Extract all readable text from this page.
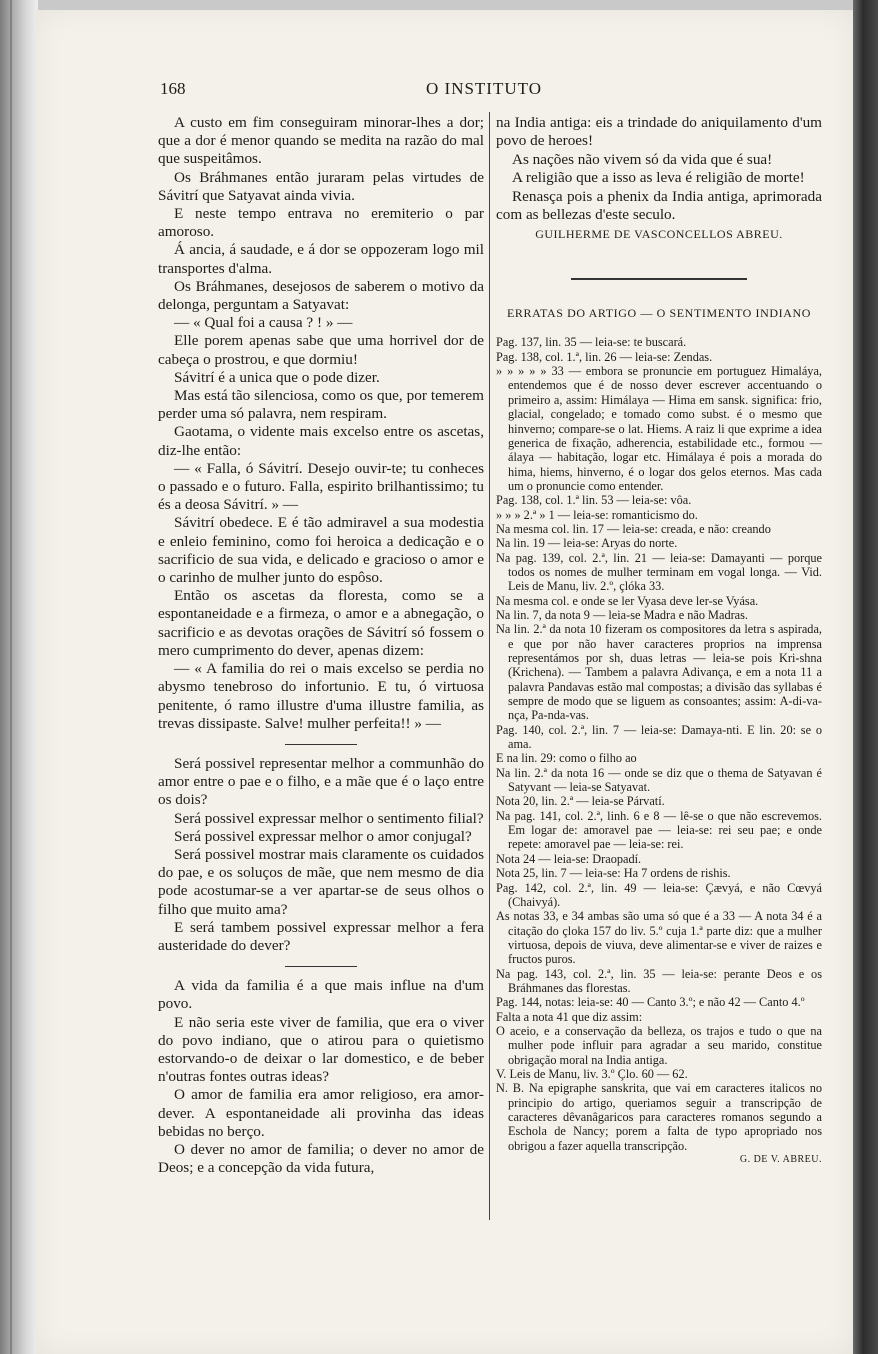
168	O INSTITUTO

A custo em fim conseguiram minorar-lhes a dor; que a dor é menor quando se medita na razão do mal que suspeitâmos.

Os Bráhmanes então juraram pelas virtudes de Sávitrí que Satyavat ainda vivia.

E neste tempo entrava no eremiterio o par amoroso.

Á ancia, á saudade, e á dor se oppozeram logo mil transportes d'alma.

Os Bráhmanes, desejosos de saberem o motivo da delonga, perguntam a Satyavat:

— « Qual foi a causa ? ! » —

Elle porem apenas sabe que uma horrivel dor de cabeça o prostrou, e que dormiu!

Sávitrí é a unica que o pode dizer.

Mas está tão silenciosa, como os que, por temerem perder uma só palavra, nem respiram.

Gaotama, o vidente mais excelso entre os ascetas, diz-lhe então:

— « Falla, ó Sávitrí. Desejo ouvir-te; tu conheces o passado e o futuro. Falla, espirito brilhantissimo; tu és a deosa Sávitrí. » —

Sávitrí obedece. E é tão admiravel a sua modestia e enleio feminino, como foi heroica a dedicação e o sacrificio de sua vida, e delicado e gracioso o amor e o carinho de mulher junto do espôso.

Então os ascetas da floresta, como se a espontaneidade e a firmeza, o amor e a abnegação, o sacrificio e as devotas orações de Sávitrí só fossem o mero cumprimento do dever, apenas dizem:

— « A familia do rei o mais excelso se perdia no abysmo tenebroso do infortunio. E tu, ó virtuosa penitente, ó ramo illustre d'uma illustre familia, as trevas dissipaste. Salve! mulher perfeita!! » —

Será possivel representar melhor a communhão do amor entre o pae e o filho, e a mãe que é o laço entre os dois?

Será possivel expressar melhor o sentimento filial?

Será possivel expressar melhor o amor conjugal?

Será possivel mostrar mais claramente os cuidados do pae, e os soluços de mãe, que nem mesmo de dia pode acostumar-se a ver apartar-se de seus olhos o filho que muito ama?

E será tambem possivel expressar melhor a fera austeridade do dever?

A vida da familia é a que mais influe na d'um povo.

E não seria este viver de familia, que era o viver do povo indiano, que o atirou para o quietismo estorvando-o de deixar o lar domestico, e de beber n'outras fontes outras ideas?

O amor de familia era amor religioso, era amor-dever. A espontaneidade ali provinha das ideas bebidas no berço.

O dever no amor de familia; o dever no amor de Deos; e a concepção da vida futura,

na India antiga: eis a trindade do aniquilamento d'um povo de heroes!

As nações não vivem só da vida que é sua!

A religião que a isso as leva é religião de morte!

Renasça pois a phenix da India antiga, aprimorada com as bellezas d'este seculo.

GUILHERME DE VASCONCELLOS ABREU.

ERRATAS DO ARTIGO — O SENTIMENTO INDIANO

Pag. 137, lin. 35 — leia-se: te buscará.

Pag. 138, col. 1.ª, lin. 26 — leia-se: Zendas.

» » » » » 33 — embora se pronuncie em portuguez Himaláya, entendemos que é de nosso dever escrever accentuando o primeiro a, assim: Himálaya — Hima em sansk. significa: frio, glacial, congelado; e tomado como subst. é o mesmo que hinverno; compare-se o lat. Hiems. A raiz li que exprime a idea generica de fixação, adherencia, estabilidade etc., formou — álaya — habitação, logar etc. Himálaya é pois a morada do hima, hiems, hinverno, é o logar dos gelos eternos. Mas cada um o pronuncie como entender.

Pag. 138, col. 1.ª lin. 53 — leia-se: vôa.

» » » 2.ª » 1 — leia-se: romanticismo do.

Na mesma col. lin. 17 — leia-se: creada, e não: creando

Na lin. 19 — leia-se: Aryas do norte.

Na pag. 139, col. 2.ª, lin. 21 — leia-se: Damayanti — porque todos os nomes de mulher terminam em vogal longa. — Vid. Leis de Manu, liv. 2.º, çlóka 33.

Na mesma col. e onde se ler Vyasa deve ler-se Vyása.

Na lin. 7, da nota 9 — leia-se Madra e não Madras.

Na lin. 2.ª da nota 10 fizeram os compositores da letra s aspirada, e que por não haver caracteres proprios na imprensa representámos por sh, duas letras — leia-se pois Kri-shna (Krichena). — Tambem a palavra Adivança, e em a nota 11 a palavra Pandavas estão mal compostas; a divisão das syllabas é sempre de modo que se liguem as consoantes; assim: A-di-va-nça, Pa-nda-vas.

Pag. 140, col. 2.ª, lin. 7 — leia-se: Damaya-nti. E lin. 20: se o ama.

E na lin. 29: como o filho ao

Na lin. 2.ª da nota 16 — onde se diz que o thema de Satyavan é Satyvant — leia-se Satyavat.

Nota 20, lin. 2.ª — leia-se Párvatí.

Na pag. 141, col. 2.ª, linh. 6 e 8 — lê-se o que não escrevemos. Em logar de: amoravel pae — leia-se: rei seu pae; e onde repete: amoravel pae — leia-se: rei.

Nota 24 — leia-se: Draopadí.

Nota 25, lin. 7 — leia-se: Ha 7 ordens de rishis.

Pag. 142, col. 2.ª, lin. 49 — leia-se: Çævyá, e não Cœvyá (Chaivyá).

As notas 33, e 34 ambas são uma só que é a 33 — A nota 34 é a citação do çloka 157 do liv. 5.º cuja 1.ª parte diz: que a mulher virtuosa, depois de viuva, deve alimentar-se e viver de raizes e fructos puros.

Na pag. 143, col. 2.ª, lin. 35 — leia-se: perante Deos e os Bráhmanes das florestas.

Pag. 144, notas: leia-se: 40 — Canto 3.º; e não 42 — Canto 4.º

Falta a nota 41 que diz assim:

O aceio, e a conservação da belleza, os trajos e tudo o que na mulher pode influir para agradar a seu marido, constitue obrigação moral na India antiga.

V. Leis de Manu, liv. 3.º Çlo. 60 — 62.

N. B. Na epigraphe sanskrita, que vai em caracteres italicos no principio do artigo, queriamos seguir a transcripção de caracteres dêvanâgaricos para caracteres romanos segundo a Eschola de Nancy; porem a falta de typo apropriado nos obrigou a fazer aquella transcripção.

G. DE V. ABREU.
